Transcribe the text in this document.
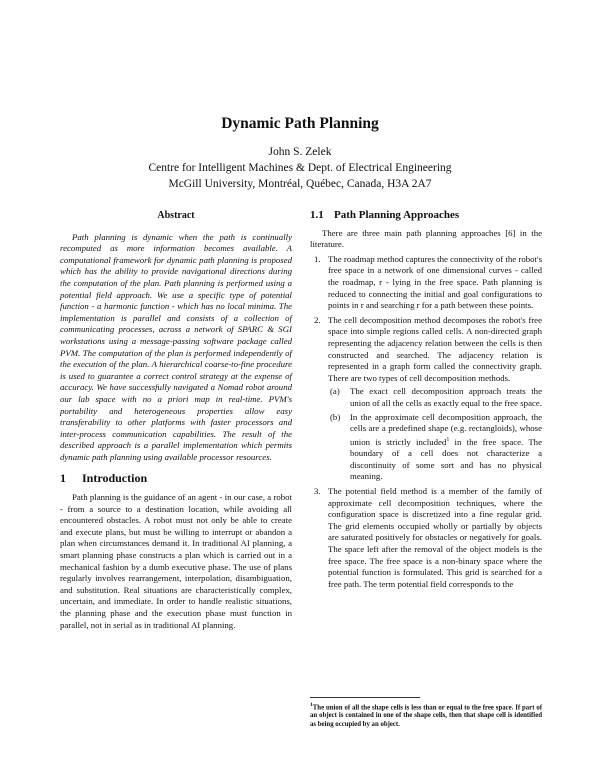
Dynamic Path Planning
John S. Zelek
Centre for Intelligent Machines & Dept. of Electrical Engineering
McGill University, Montréal, Québec, Canada, H3A 2A7
Abstract

Path planning is dynamic when the path is continually recomputed as more information becomes available. A computational framework for dynamic path planning is proposed which has the ability to provide navigational directions during the computation of the plan. Path planning is performed using a potential field approach. We use a specific type of potential function - a harmonic function - which has no local minima. The implementation is parallel and consists of a collection of communicating processes, across a network of SPARC & SGI workstations using a message-passing software package called PVM. The computation of the plan is performed independently of the execution of the plan. A hierarchical coarse-to-fine procedure is used to guarantee a correct control strategy at the expense of accuracy. We have successfully navigated a Nomad robot around our lab space with no a priori map in real-time. PVM's portability and heterogeneous properties allow easy transferability to other platforms with faster processors and inter-process communication capabilities. The result of the described approach is a parallel implementation which permits dynamic path planning using available processor resources.

1 Introduction

Path planning is the guidance of an agent - in our case, a robot - from a source to a destination location, while avoiding all encountered obstacles. A robot must not only be able to create and execute plans, but must be willing to interrupt or abandon a plan when circumstances demand it. In traditional AI planning, a smart planning phase constructs a plan which is carried out in a mechanical fashion by a dumb executive phase. The use of plans regularly involves rearrangement, interpolation, disambiguation, and substitution. Real situations are characteristically complex, uncertain, and immediate. In order to handle realistic situations, the planning phase and the execution phase must function in parallel, not in serial as in traditional AI planning.

1.1 Path Planning Approaches

There are three main path planning approaches [6] in the literature.

1. The roadmap method captures the connectivity of the robot's free space in a network of one dimensional curves - called the roadmap, r - lying in the free space. Path planning is reduced to connecting the initial and goal configurations to points in r and searching r for a path between these points.
2. The cell decomposition method decomposes the robot's free space into simple regions called cells. A non-directed graph representing the adjacency relation between the cells is then constructed and searched. The adjacency relation is represented in a graph form called the connectivity graph. There are two types of cell decomposition methods.
(a) The exact cell decomposition approach treats the union of all the cells as exactly equal to the free space.
(b) In the approximate cell decomposition approach, the cells are a predefined shape (e.g. rectangloids), whose union is strictly included$^1$ in the free space. The boundary of a cell does not characterize a discontinuity of some sort and has no physical meaning.
3. The potential field method is a member of the family of approximate cell decomposition techniques, where the configuration space is discretized into a fine regular grid. The grid elements occupied wholly or partially by objects are saturated positively for obstacles or negatively for goals. The space left after the removal of the object models is the free space. The free space is a non-binary space where the potential function is formulated. This grid is searched for a free path. The term potential field corresponds to the
$^1$The union of all the shape cells is less than or equal to the free space. If part of an object is contained in one of the shape cells, then that shape cell is identified as being occupied by an object.
